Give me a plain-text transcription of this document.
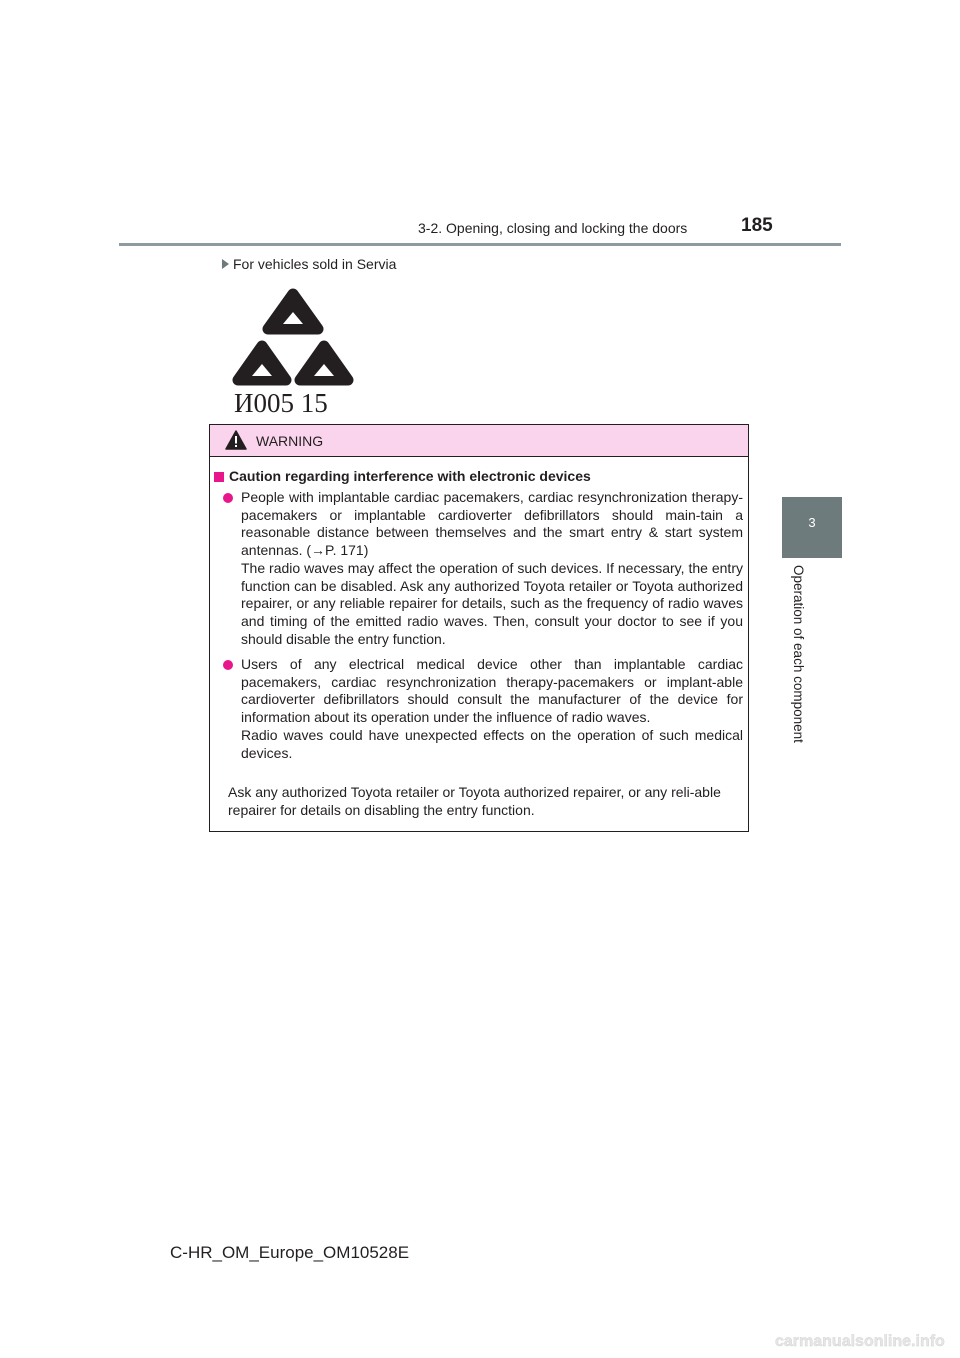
3-2. Opening, closing and locking the doors	185
3
Operation of each component
For vehicles sold in Servia
И005 15
WARNING
Caution regarding interference with electronic devices

People with implantable cardiac pacemakers, cardiac resynchronization therapy-pacemakers or implantable cardioverter defibrillators should main-tain a reasonable distance between themselves and the smart entry & start system antennas. (→P. 171)

The radio waves may affect the operation of such devices. If necessary, the entry function can be disabled. Ask any authorized Toyota retailer or Toyota authorized repairer, or any reliable repairer for details, such as the frequency of radio waves and timing of the emitted radio waves. Then, consult your doctor to see if you should disable the entry function.

Users of any electrical medical device other than implantable cardiac pacemakers, cardiac resynchronization therapy-pacemakers or implant-able cardioverter defibrillators should consult the manufacturer of the device for information about its operation under the influence of radio waves.

Radio waves could have unexpected effects on the operation of such medical devices.

Ask any authorized Toyota retailer or Toyota authorized repairer, or any reli-able repairer for details on disabling the entry function.
C-HR_OM_Europe_OM10528E
carmanualsonline.info
